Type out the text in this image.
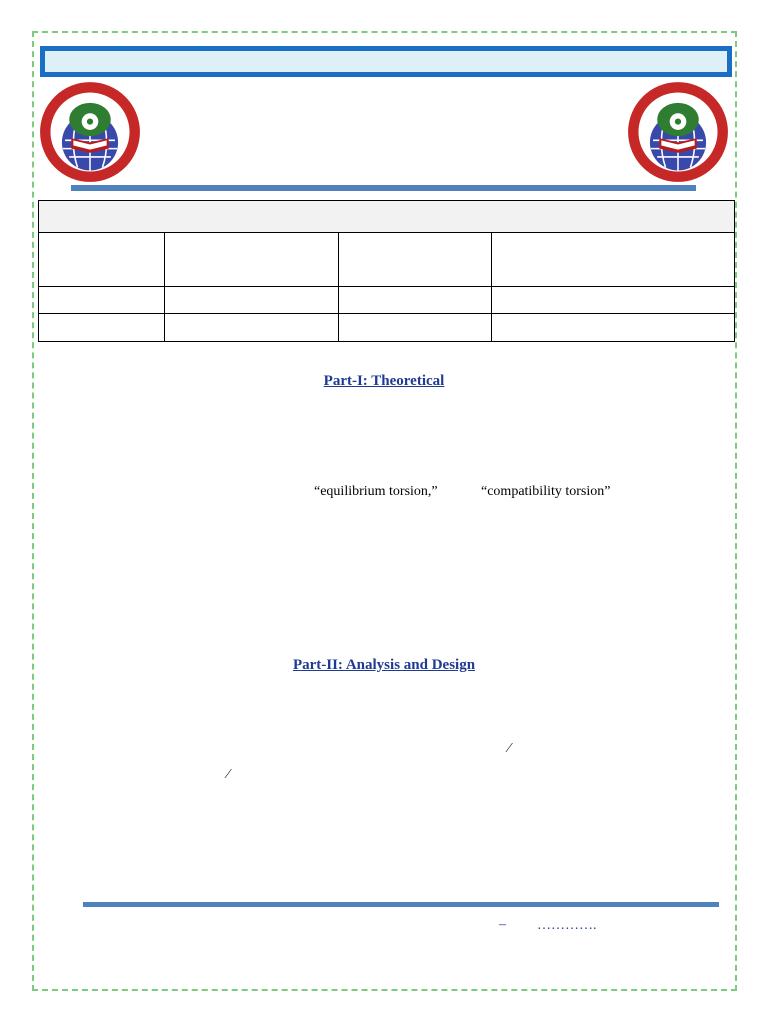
Part-I: Theoretical
“equilibrium torsion,”	“compatibility torsion”
Part-II: Analysis and Design
⁄
⁄
– ………….
